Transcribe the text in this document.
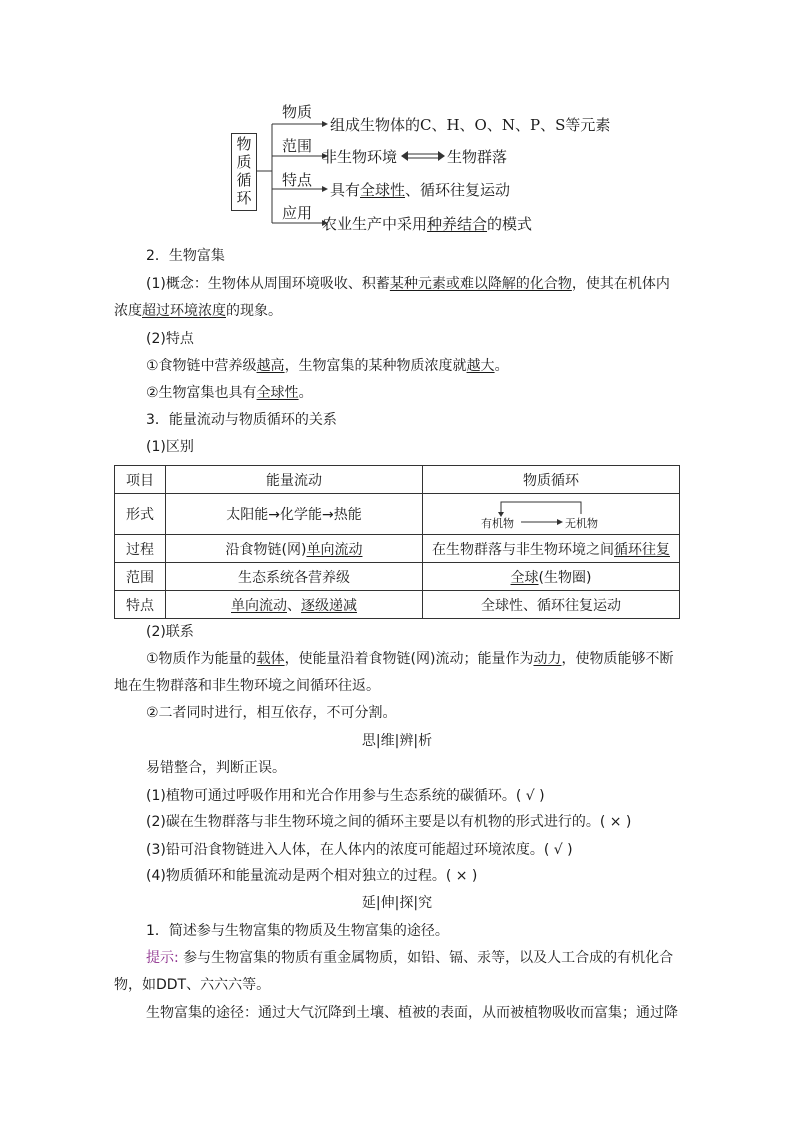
物质循环
物质
组成生物体的C、H、O、N、P、S等元素
范围
非生物环境	生物群落
特点
具有全球性、循环往复运动
应用
农业生产中采用种养结合的模式
2．生物富集
(1)概念：生物体从周围环境吸收、积蓄某种元素或难以降解的化合物，使其在机体内
浓度超过环境浓度的现象。
(2)特点
①食物链中营养级越高，生物富集的某种物质浓度就越大。
②生物富集也具有全球性。
3．能量流动与物质循环的关系
(1)区别
项目	能量流动	物质循环
形式	太阳能→化学能→热能	有机物 无机物

过程	沿食物链(网)单向流动	在生物群落与非生物环境之间循环往复
范围	生态系统各营养级	全球(生物圈)
特点	单向流动、逐级递减	全球性、循环往复运动
(2)联系
①物质作为能量的载体，使能量沿着食物链(网)流动；能量作为动力，使物质能够不断
地在生物群落和非生物环境之间循环往返。
②二者同时进行，相互依存，不可分割。
思|维|辨|析
易错整合，判断正误。
(1)植物可通过呼吸作用和光合作用参与生态系统的碳循环。( √ )
(2)碳在生物群落与非生物环境之间的循环主要是以有机物的形式进行的。( × )
(3)铅可沿食物链进入人体，在人体内的浓度可能超过环境浓度。( √ )
(4)物质循环和能量流动是两个相对独立的过程。( × )
延|伸|探|究
1．简述参与生物富集的物质及生物富集的途径。
提示: 参与生物富集的物质有重金属物质，如铅、镉、汞等，以及人工合成的有机化合
物，如DDT、六六六等。
生物富集的途径：通过大气沉降到土壤、植被的表面，从而被植物吸收而富集；通过降
